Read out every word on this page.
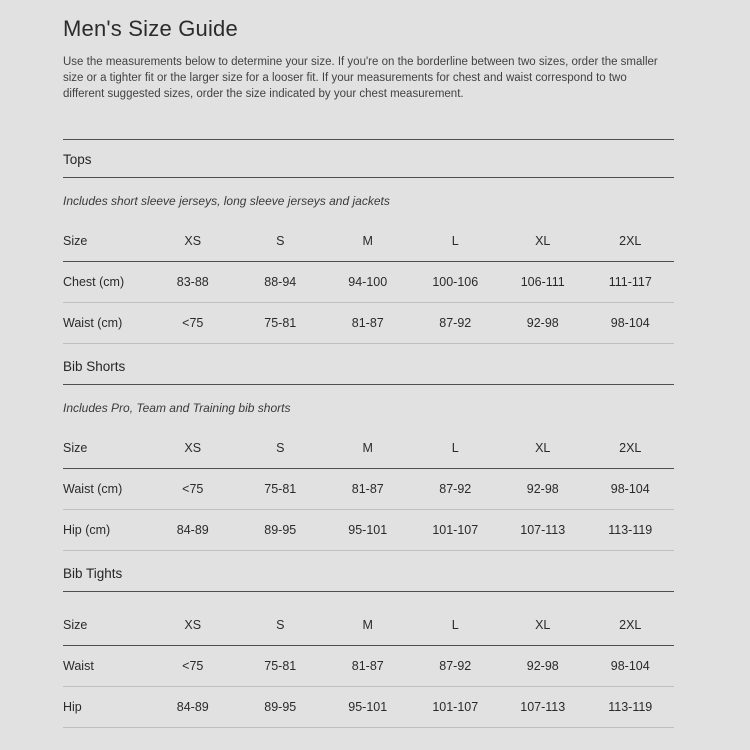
Men's Size Guide

Use the measurements below to determine your size. If you're on the borderline between two sizes, order the smaller size or a tighter fit or the larger size for a looser fit. If your measurements for chest and waist correspond to two different suggested sizes, order the size indicated by your chest measurement.

Tops

Includes short sleeve jerseys, long sleeve jerseys and jackets

Size	XS	S	M	L	XL	2XL
Chest (cm)	83-88	88-94	94-100	100-106	106-111	111-117
Waist (cm)	<75	75-81	81-87	87-92	92-98	98-104
Bib Shorts

Includes Pro, Team and Training bib shorts

Size	XS	S	M	L	XL	2XL
Waist (cm)	<75	75-81	81-87	87-92	92-98	98-104
Hip (cm)	84-89	89-95	95-101	101-107	107-113	113-119
Bib Tights
Size	XS	S	M	L	XL	2XL
Waist	<75	75-81	81-87	87-92	92-98	98-104
Hip	84-89	89-95	95-101	101-107	107-113	113-119
